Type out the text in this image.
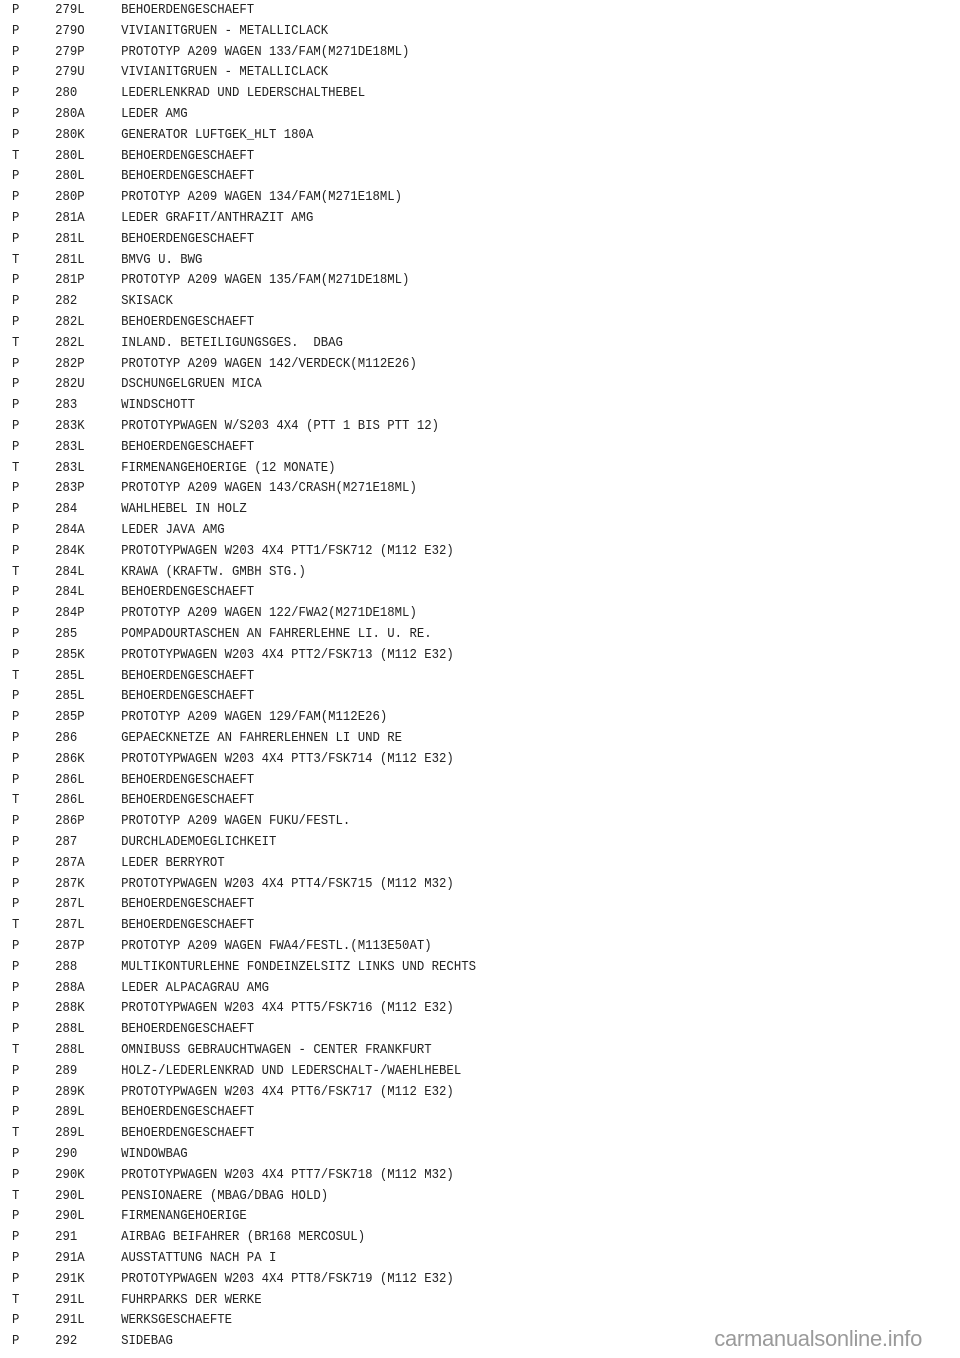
P	279L	BEHOERDENGESCHAEFT
P	279O	VIVIANITGRUEN - METALLICLACK
P	279P	PROTOTYP A209 WAGEN 133/FAM(M271DE18ML)
P	279U	VIVIANITGRUEN - METALLICLACK
P	280	LEDERLENKRAD UND LEDERSCHALTHEBEL
P	280A	LEDER AMG
P	280K	GENERATOR LUFTGEK_HLT 180A
T	280L	BEHOERDENGESCHAEFT
P	280L	BEHOERDENGESCHAEFT
P	280P	PROTOTYP A209 WAGEN 134/FAM(M271E18ML)
P	281A	LEDER GRAFIT/ANTHRAZIT AMG
P	281L	BEHOERDENGESCHAEFT
T	281L	BMVG U. BWG
P	281P	PROTOTYP A209 WAGEN 135/FAM(M271DE18ML)
P	282	SKISACK
P	282L	BEHOERDENGESCHAEFT
T	282L	INLAND. BETEILIGUNGSGES.  DBAG
P	282P	PROTOTYP A209 WAGEN 142/VERDECK(M112E26)
P	282U	DSCHUNGELGRUEN MICA
P	283	WINDSCHOTT
P	283K	PROTOTYPWAGEN W/S203 4X4 (PTT 1 BIS PTT 12)
P	283L	BEHOERDENGESCHAEFT
T	283L	FIRMENANGEHOERIGE (12 MONATE)
P	283P	PROTOTYP A209 WAGEN 143/CRASH(M271E18ML)
P	284	WAHLHEBEL IN HOLZ
P	284A	LEDER JAVA AMG
P	284K	PROTOTYPWAGEN W203 4X4 PTT1/FSK712 (M112 E32)
T	284L	KRAWA (KRAFTW. GMBH STG.)
P	284L	BEHOERDENGESCHAEFT
P	284P	PROTOTYP A209 WAGEN 122/FWA2(M271DE18ML)
P	285	POMPADOURTASCHEN AN FAHRERLEHNE LI. U. RE.
P	285K	PROTOTYPWAGEN W203 4X4 PTT2/FSK713 (M112 E32)
T	285L	BEHOERDENGESCHAEFT
P	285L	BEHOERDENGESCHAEFT
P	285P	PROTOTYP A209 WAGEN 129/FAM(M112E26)
P	286	GEPAECKNETZE AN FAHRERLEHNEN LI UND RE
P	286K	PROTOTYPWAGEN W203 4X4 PTT3/FSK714 (M112 E32)
P	286L	BEHOERDENGESCHAEFT
T	286L	BEHOERDENGESCHAEFT
P	286P	PROTOTYP A209 WAGEN FUKU/FESTL.
P	287	DURCHLADEMOEGLICHKEIT
P	287A	LEDER BERRYROT
P	287K	PROTOTYPWAGEN W203 4X4 PTT4/FSK715 (M112 M32)
P	287L	BEHOERDENGESCHAEFT
T	287L	BEHOERDENGESCHAEFT
P	287P	PROTOTYP A209 WAGEN FWA4/FESTL.(M113E50AT)
P	288	MULTIKONTURLEHNE FONDEINZELSITZ LINKS UND RECHTS
P	288A	LEDER ALPACAGRAU AMG
P	288K	PROTOTYPWAGEN W203 4X4 PTT5/FSK716 (M112 E32)
P	288L	BEHOERDENGESCHAEFT
T	288L	OMNIBUSS GEBRAUCHTWAGEN - CENTER FRANKFURT
P	289	HOLZ-/LEDERLENKRAD UND LEDERSCHALT-/WAEHLHEBEL
P	289K	PROTOTYPWAGEN W203 4X4 PTT6/FSK717 (M112 E32)
P	289L	BEHOERDENGESCHAEFT
T	289L	BEHOERDENGESCHAEFT
P	290	WINDOWBAG
P	290K	PROTOTYPWAGEN W203 4X4 PTT7/FSK718 (M112 M32)
T	290L	PENSIONAERE (MBAG/DBAG HOLD)
P	290L	FIRMENANGEHOERIGE
P	291	AIRBAG BEIFAHRER (BR168 MERCOSUL)
P	291A	AUSSTATTUNG NACH PA I
P	291K	PROTOTYPWAGEN W203 4X4 PTT8/FSK719 (M112 E32)
T	291L	FUHRPARKS DER WERKE
P	291L	WERKSGESCHAEFTE
P	292	SIDEBAG	carmanualsonline.info
